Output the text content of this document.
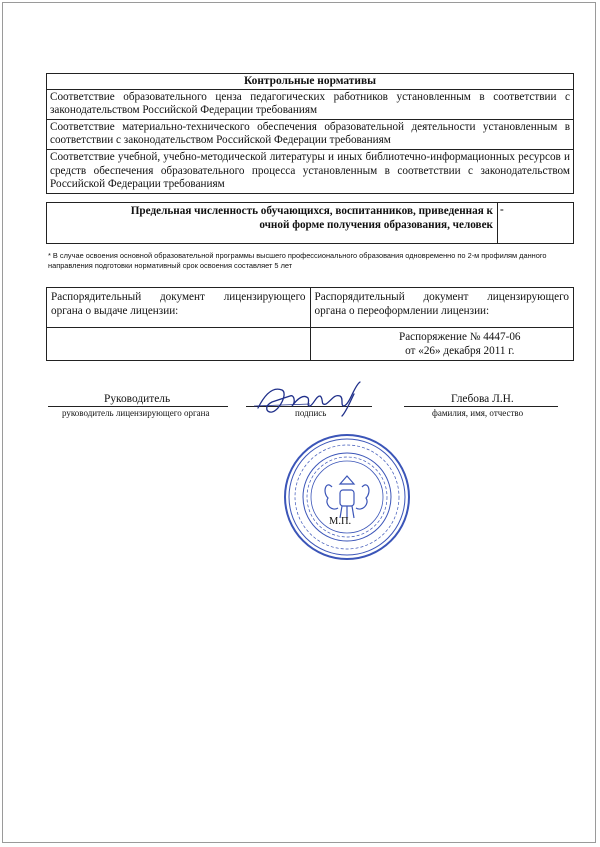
Контрольные нормативы
Соответствие образовательного ценза педагогических работников установленным в соответствии с законодательством Российской Федерации требованиям
Соответствие материально-технического обеспечения образовательной деятельности установленным в соответствии с законодательством Российской Федерации требованиям
Соответствие учебной, учебно-методической литературы и иных библиотечно-информационных ресурсов и средств обеспечения образовательного процесса установленным в соответствии с законодательством Российской Федерации требованиям
Предельная численность обучающихся, воспитанников, приведенная к очной форме получения образования, человек	-
* В случае освоения основной образовательной программы высшего профессионального образования одновременно по 2-м профилям данного направления подготовки нормативный срок освоения составляет 5 лет
Распорядительный документ лицензирующего органа о выдаче лицензии:	Распорядительный документ лицензирующего органа о переоформлении лицензии:

	Распоряжение № 4447-06
от «26» декабря 2011 г.
Руководитель
руководитель лицензирующего органа	подпись
Глебова Л.Н.
фамилия, имя, отчество
М.П.
